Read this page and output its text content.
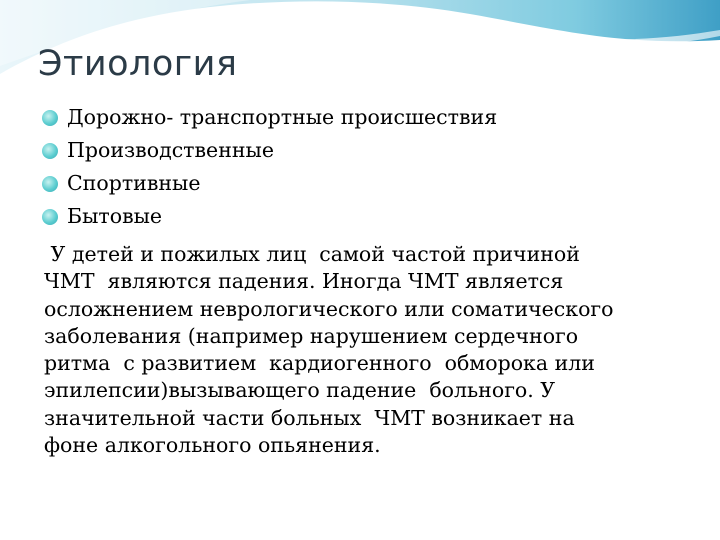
Этиология
Дорожно- транспортные происшествия
Производственные
Спортивные
Бытовые
У детей и пожилых лиц  самой частой причиной
ЧМТ  являются падения. Иногда ЧМТ является
осложнением неврологического или соматического
заболевания (например нарушением сердечного
ритма  с развитием  кардиогенного  обморока или
эпилепсии)вызывающего падение  больного. У
значительной части больных  ЧМТ возникает на
фоне алкогольного опьянения.
